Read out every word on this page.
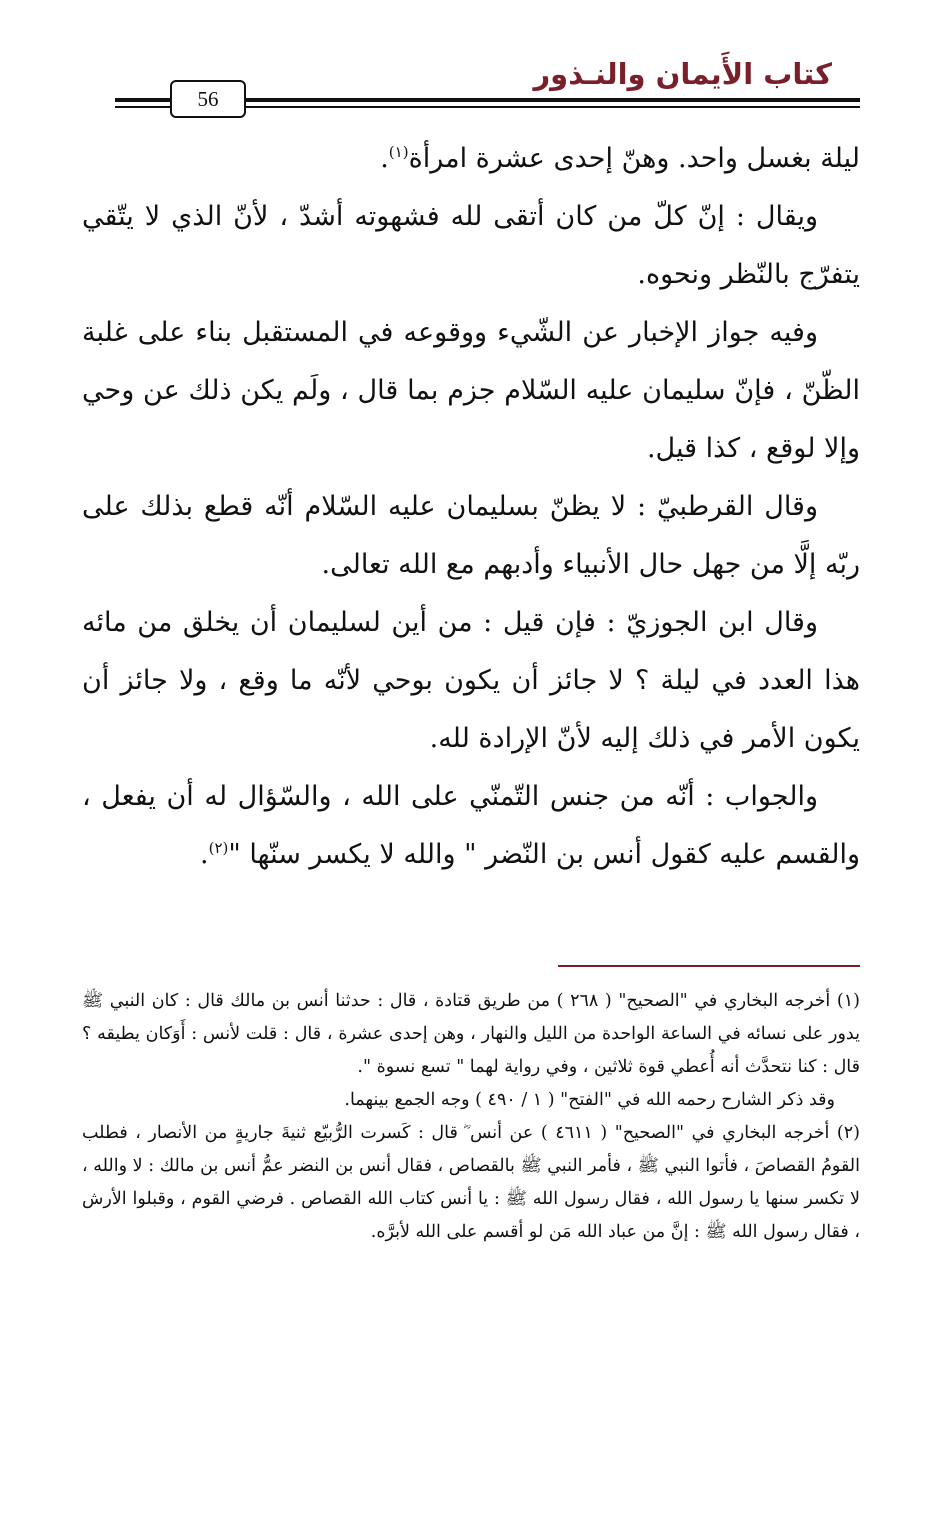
كتاب الأَيمان والنـذور
56

ليلة بغسل واحد. وهنّ إحدى عشرة امرأة$^{(١)}$.

ويقال : إنّ كلّ من كان أتقى لله فشهوته أشدّ ، لأنّ الذي لا يتّقي يتفرّج بالنّظر ونحوه.

وفيه جواز الإخبار عن الشّيء ووقوعه في المستقبل بناء على غلبة الظّنّ ، فإنّ سليمان عليه السّلام جزم بما قال ، ولَم يكن ذلك عن وحي وإلا لوقع ، كذا قيل.

وقال القرطبيّ : لا يظنّ بسليمان عليه السّلام أنّه قطع بذلك على ربّه إلَّا من جهل حال الأنبياء وأدبهم مع الله تعالى.

وقال ابن الجوزيّ : فإن قيل : من أين لسليمان أن يخلق من مائه هذا العدد في ليلة ؟ لا جائز أن يكون بوحي لأنّه ما وقع ، ولا جائز أن يكون الأمر في ذلك إليه لأنّ الإرادة لله.

والجواب : أنّه من جنس التّمنّي على الله ، والسّؤال له أن يفعل ، والقسم عليه كقول أنس بن النّضر " والله لا يكسر سنّها "$^{(٢)}$.

(١) أخرجه البخاري في "الصحيح" ( ٢٦٨ ) من طريق قتادة ، قال : حدثنا أنس بن مالك قال : كان النبي ﷺ يدور على نسائه في الساعة الواحدة من الليل والنهار ، وهن إحدى عشرة ، قال : قلت لأنس : أَوَكان يطيقه ؟ قال : كنا نتحدَّث أنه أُعطي قوة ثلاثين ، وفي رواية لهما " تسع نسوة ".

وقد ذكر الشارح رحمه الله في "الفتح" ( ١ / ٤٩٠ ) وجه الجمع بينهما.

(٢) أخرجه البخاري في "الصحيح" ( ٤٦١١ ) عن أنس ؓ قال : كَسرت الرُّبيّع ثنيةَ جاريةٍ من الأنصار ، فطلب القومُ القصاصَ ، فأتوا النبي ﷺ ، فأمر النبي ﷺ بالقصاص ، فقال أنس بن النضر عمُّ أنس بن مالك : لا والله ، لا تكسر سنها يا رسول الله ، فقال رسول الله ﷺ : يا أنس كتاب الله القصاص . فرضي القوم ، وقبلوا الأرش ، فقال رسول الله ﷺ : إنَّ من عباد الله مَن لو أقسم على الله لأبرَّه.
